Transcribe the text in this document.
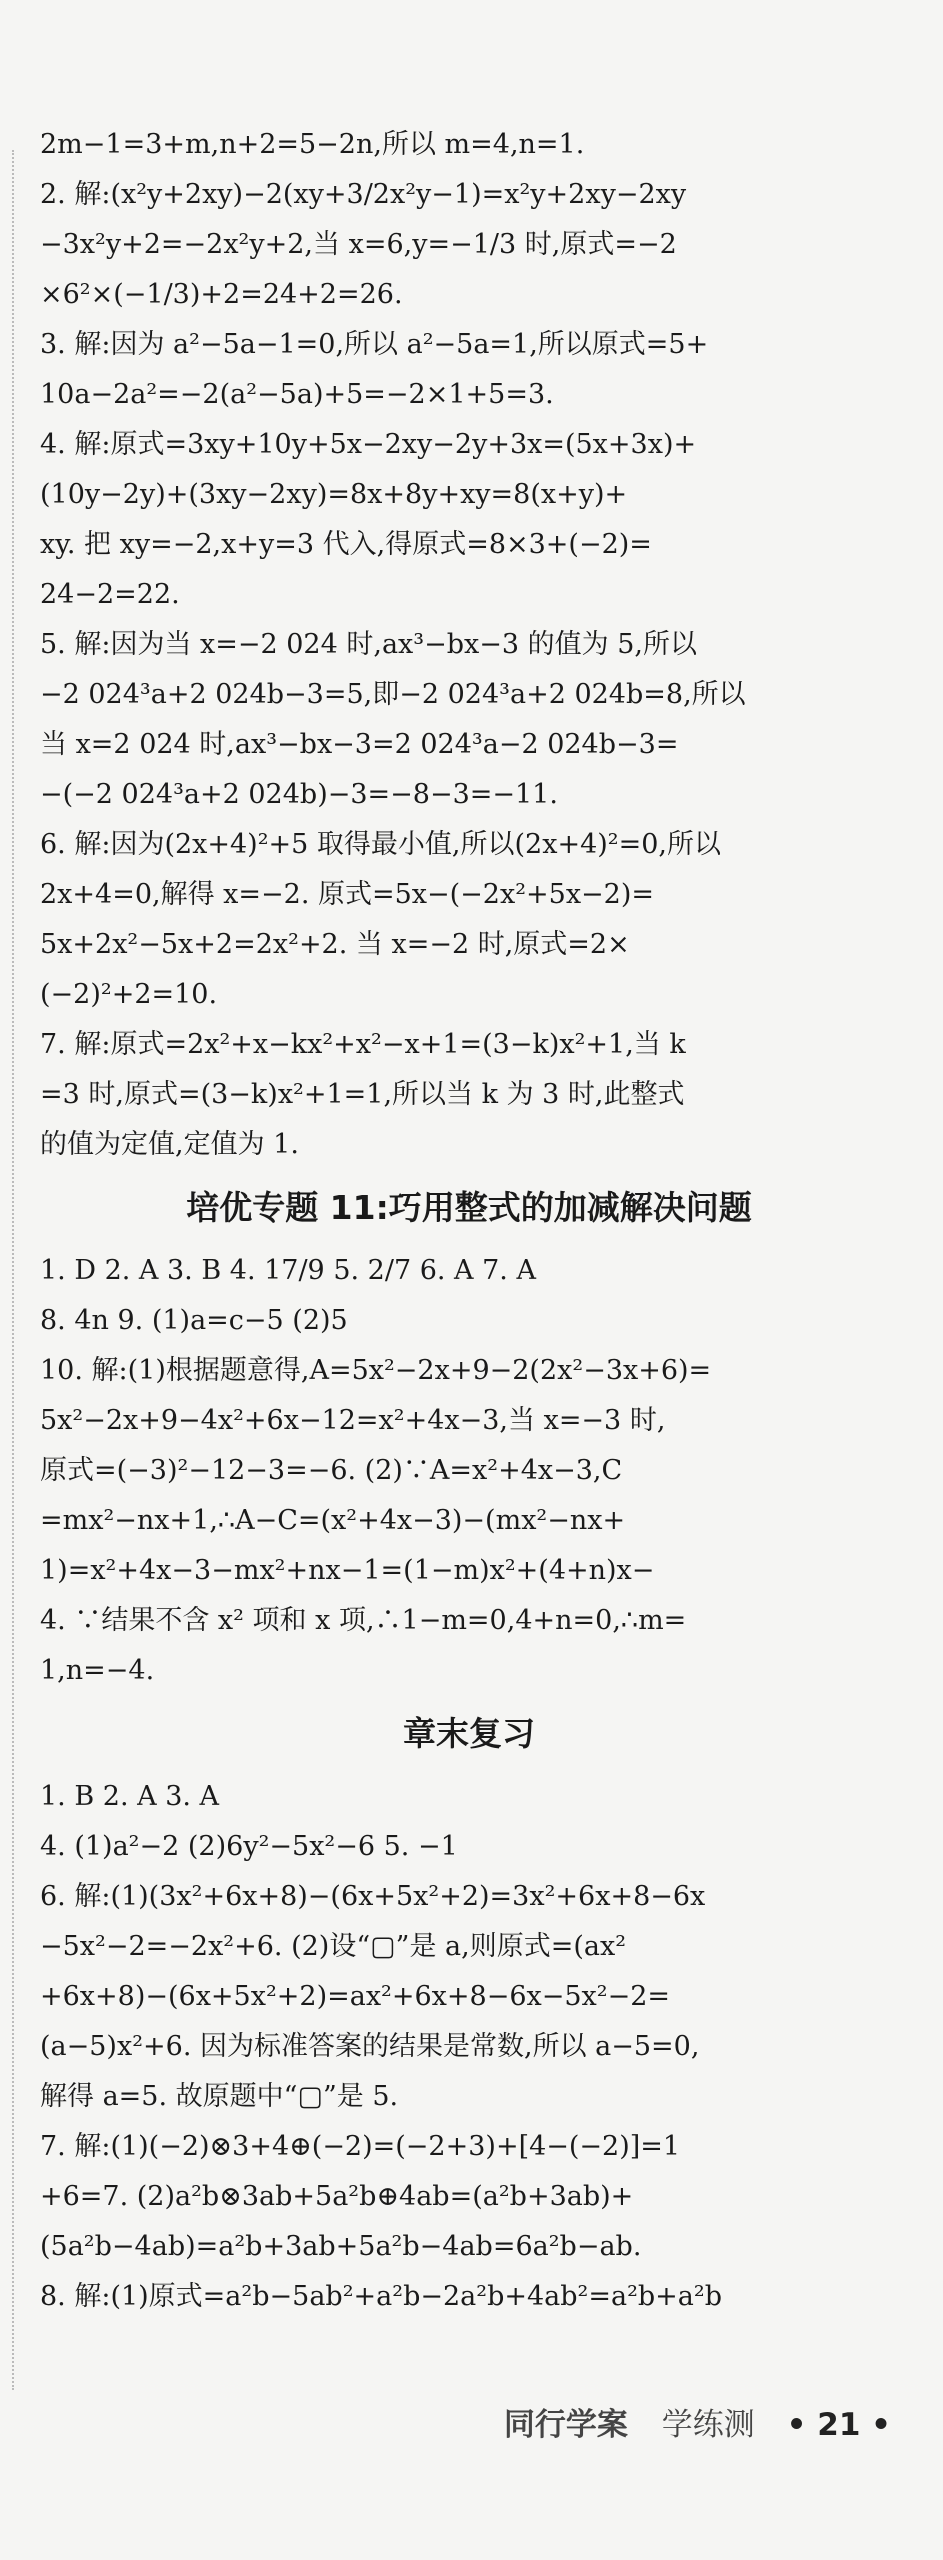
2m−1=3+m,n+2=5−2n,所以 m=4,n=1.
2. 解:(x²y+2xy)−2(xy+3/2x²y−1)=x²y+2xy−2xy
−3x²y+2=−2x²y+2,当 x=6,y=−1/3 时,原式=−2
×6²×(−1/3)+2=24+2=26.
3. 解:因为 a²−5a−1=0,所以 a²−5a=1,所以原式=5+
10a−2a²=−2(a²−5a)+5=−2×1+5=3.
4. 解:原式=3xy+10y+5x−2xy−2y+3x=(5x+3x)+
(10y−2y)+(3xy−2xy)=8x+8y+xy=8(x+y)+
xy. 把 xy=−2,x+y=3 代入,得原式=8×3+(−2)=
24−2=22.
5. 解:因为当 x=−2 024 时,ax³−bx−3 的值为 5,所以
−2 024³a+2 024b−3=5,即−2 024³a+2 024b=8,所以
当 x=2 024 时,ax³−bx−3=2 024³a−2 024b−3=
−(−2 024³a+2 024b)−3=−8−3=−11.
6. 解:因为(2x+4)²+5 取得最小值,所以(2x+4)²=0,所以
2x+4=0,解得 x=−2. 原式=5x−(−2x²+5x−2)=
5x+2x²−5x+2=2x²+2. 当 x=−2 时,原式=2×
(−2)²+2=10.
7. 解:原式=2x²+x−kx²+x²−x+1=(3−k)x²+1,当 k
=3 时,原式=(3−k)x²+1=1,所以当 k 为 3 时,此整式
的值为定值,定值为 1.
培优专题 11:巧用整式的加减解决问题
1. D 2. A 3. B 4. 17/9 5. 2/7 6. A 7. A
8. 4n 9. (1)a=c−5 (2)5
10. 解:(1)根据题意得,A=5x²−2x+9−2(2x²−3x+6)=
5x²−2x+9−4x²+6x−12=x²+4x−3,当 x=−3 时,
原式=(−3)²−12−3=−6. (2)∵A=x²+4x−3,C
=mx²−nx+1,∴A−C=(x²+4x−3)−(mx²−nx+
1)=x²+4x−3−mx²+nx−1=(1−m)x²+(4+n)x−
4. ∵结果不含 x² 项和 x 项,∴1−m=0,4+n=0,∴m=
1,n=−4.
章末复习
1. B 2. A 3. A
4. (1)a²−2 (2)6y²−5x²−6 5. −1
6. 解:(1)(3x²+6x+8)−(6x+5x²+2)=3x²+6x+8−6x
−5x²−2=−2x²+6. (2)设“▢”是 a,则原式=(ax²
+6x+8)−(6x+5x²+2)=ax²+6x+8−6x−5x²−2=
(a−5)x²+6. 因为标准答案的结果是常数,所以 a−5=0,
解得 a=5. 故原题中“▢”是 5.
7. 解:(1)(−2)⊗3+4⊕(−2)=(−2+3)+[4−(−2)]=1
+6=7. (2)a²b⊗3ab+5a²b⊕4ab=(a²b+3ab)+
(5a²b−4ab)=a²b+3ab+5a²b−4ab=6a²b−ab.
8. 解:(1)原式=a²b−5ab²+a²b−2a²b+4ab²=a²b+a²b
同行学案 学练测 • 21 •
